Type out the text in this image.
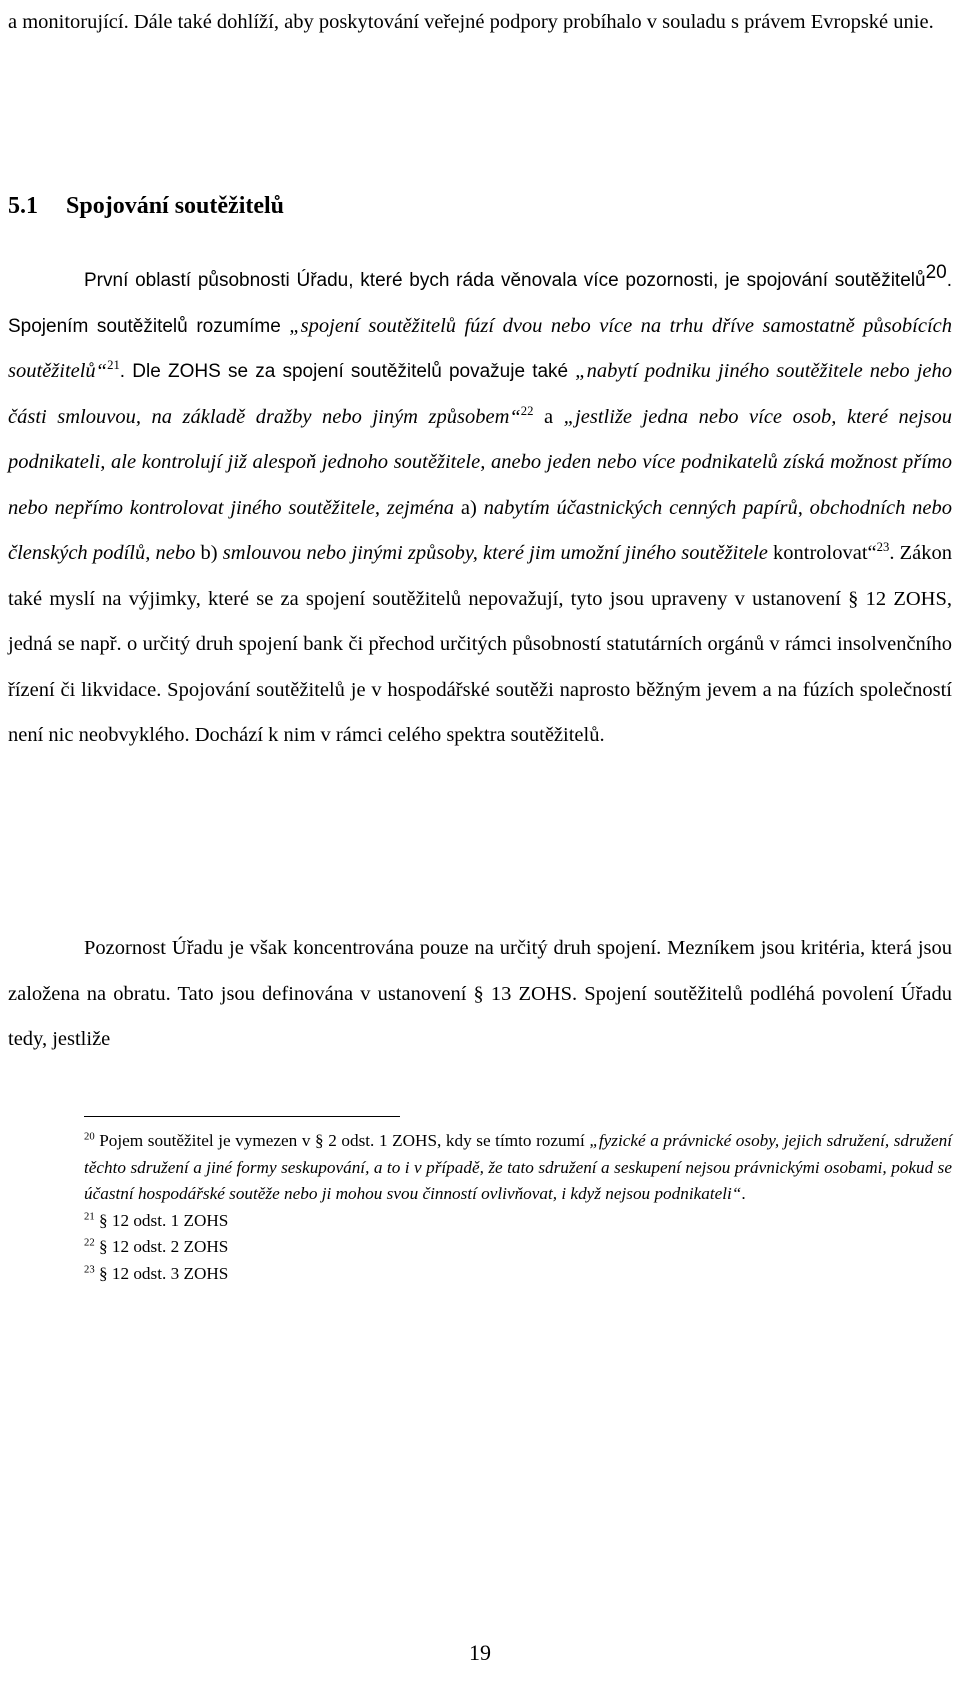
a monitorující. Dále také dohlíží, aby poskytování veřejné podpory probíhalo v souladu s právem Evropské unie.

5.1 Spojování soutěžitelů

První oblastí působnosti Úřadu, které bych ráda věnovala více pozornosti, je spojování soutěžitelů$^{20}$. Spojením soutěžitelů rozumíme „spojení soutěžitelů fúzí dvou nebo více na trhu dříve samostatně působících soutěžitelů“$^{21}$. Dle ZOHS se za spojení soutěžitelů považuje také „nabytí podniku jiného soutěžitele nebo jeho části smlouvou, na základě dražby nebo jiným způsobem“$^{22}$ a „jestliže jedna nebo více osob, které nejsou podnikateli, ale kontrolují již alespoň jednoho soutěžitele, anebo jeden nebo více podnikatelů získá možnost přímo nebo nepřímo kontrolovat jiného soutěžitele, zejména a) nabytím účastnických cenných papírů, obchodních nebo členských podílů, nebo b) smlouvou nebo jinými způsoby, které jim umožní jiného soutěžitele kontrolovat“$^{23}$. Zákon také myslí na výjimky, které se za spojení soutěžitelů nepovažují, tyto jsou upraveny v ustanovení § 12 ZOHS, jedná se např. o určitý druh spojení bank či přechod určitých působností statutárních orgánů v rámci insolvenčního řízení či likvidace. Spojování soutěžitelů je v hospodářské soutěži naprosto běžným jevem a na fúzích společností není nic neobvyklého. Dochází k nim v rámci celého spektra soutěžitelů.

Pozornost Úřadu je však koncentrována pouze na určitý druh spojení. Mezníkem jsou kritéria, která jsou založena na obratu. Tato jsou definována v ustanovení § 13 ZOHS. Spojení soutěžitelů podléhá povolení Úřadu tedy, jestliže

$^{20}$ Pojem soutěžitel je vymezen v § 2 odst. 1 ZOHS, kdy se tímto rozumí „fyzické a právnické osoby, jejich sdružení, sdružení těchto sdružení a jiné formy seskupování, a to i v případě, že tato sdružení a seskupení nejsou právnickými osobami, pokud se účastní hospodářské soutěže nebo ji mohou svou činností ovlivňovat, i když nejsou podnikateli“.

$^{21}$ § 12 odst. 1 ZOHS

$^{22}$ § 12 odst. 2 ZOHS

$^{23}$ § 12 odst. 3 ZOHS

19
